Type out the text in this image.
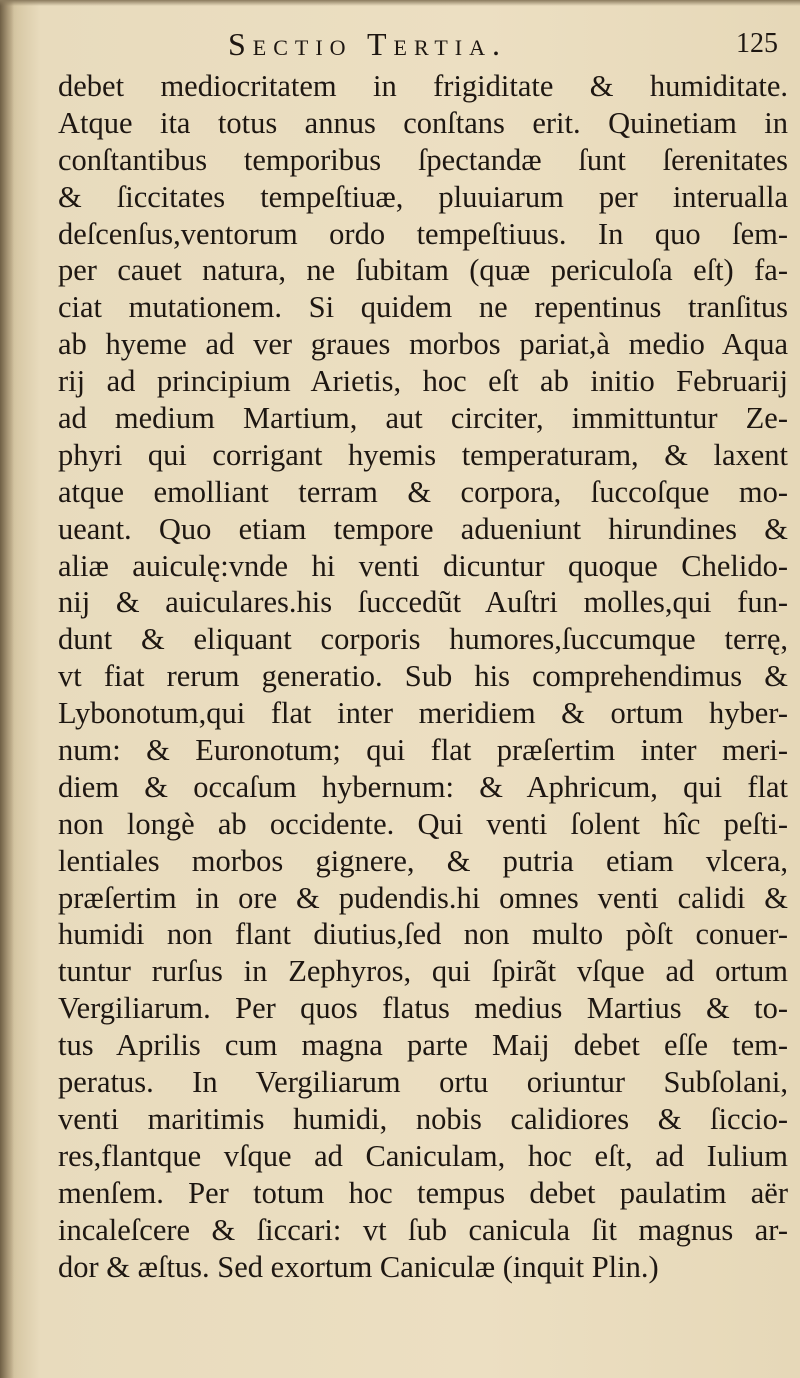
Sectio Tertia.	125
debet mediocritatem in frigiditate & humiditate.
Atque ita totus annus conſtans erit. Quinetiam in
conſtantibus temporibus ſpectandæ ſunt ſerenitates
& ſiccitates tempeſtiuæ, pluuiarum per interualla
deſcenſus,ventorum ordo tempeſtiuus. In quo ſem-
per cauet natura, ne ſubitam (quæ periculoſa eſt) fa-
ciat mutationem. Si quidem ne repentinus tranſitus
ab hyeme ad ver graues morbos pariat,à medio Aqua
rij ad principium Arietis, hoc eſt ab initio Februarij
ad medium Martium, aut circiter, immittuntur Ze-
phyri qui corrigant hyemis temperaturam, & laxent
atque emolliant terram & corpora, ſuccoſque mo-
ueant. Quo etiam tempore adueniunt hirundines &
aliæ auiculę:vnde hi venti dicuntur quoque Chelido-
nij & auiculares.his ſuccedũt Auſtri molles,qui fun-
dunt & eliquant corporis humores,ſuccumque terrę,
vt fiat rerum generatio. Sub his comprehendimus &
Lybonotum,qui flat inter meridiem & ortum hyber-
num: & Euronotum; qui flat præſertim inter meri-
diem & occaſum hybernum: & Aphricum, qui flat
non longè ab occidente. Qui venti ſolent hîc peſti-
lentiales morbos gignere, & putria etiam vlcera,
præſertim in ore & pudendis.hi omnes venti calidi &
humidi non flant diutius,ſed non multo pòſt conuer-
tuntur rurſus in Zephyros, qui ſpirãt vſque ad ortum
Vergiliarum. Per quos flatus medius Martius & to-
tus Aprilis cum magna parte Maij debet eſſe tem-
peratus. In Vergiliarum ortu oriuntur Subſolani,
venti maritimis humidi, nobis calidiores & ſiccio-
res,flantque vſque ad Caniculam, hoc eſt, ad Iulium
menſem. Per totum hoc tempus debet paulatim aër
incaleſcere & ſiccari: vt ſub canicula ſit magnus ar-
dor & æſtus. Sed exortum Caniculæ (inquit Plin.)
